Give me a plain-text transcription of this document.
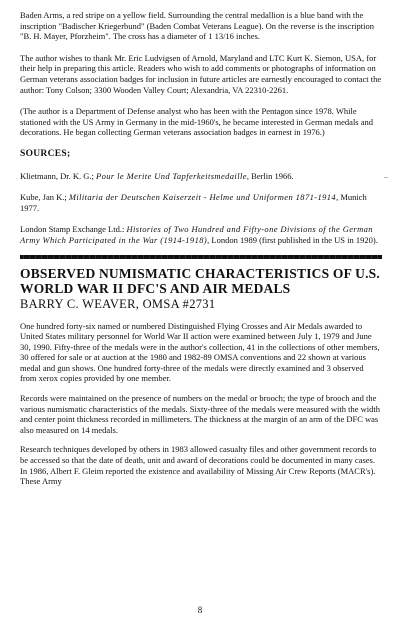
Baden Arms, a red stripe on a yellow field. Surrounding the central medallion is a blue band with the inscription "Badischer Kriegerbund" (Baden Combat Veterans League). On the reverse is the inscription "B. H. Mayer, Pforzheim". The cross has a diameter of 1 13/16 inches.

The author wishes to thank Mr. Eric Ludvigsen of Arnold, Maryland and LTC Kurt K. Siemon, USA, for their help in preparing this article. Readers who wish to add comments or photographs of information on German veterans association badges for inclusion in future articles are earnestly encouraged to contact the author: Tony Colson; 3300 Wooden Valley Court; Alexandria, VA 22310-2261.

(The author is a Department of Defense analyst who has been with the Pentagon since 1978. While stationed with the US Army in Germany in the mid-1960's, he became interested in German medals and decorations. He began collecting German veterans association badges in earnest in 1976.)

SOURCES;

Klietmann, Dr. K. G.; Pour le Merite Und Tapferkeitsmedaille, Berlin 1966.

Kube, Jan K.; Militaria der Deutschen Kaiserzeit - Helme und Uniformen 1871-1914, Munich 1977.

London Stamp Exchange Ltd.: Histories of Two Hundred and Fifty-one Divisions of the German Army Which Participated in the War (1914-1918), London 1989 (first published in the US in 1920).

OBSERVED NUMISMATIC CHARACTERISTICS OF U.S. WORLD WAR II DFC'S AND AIR MEDALS

BARRY C. WEAVER, OMSA #2731

One hundred forty-six named or numbered Distinguished Flying Crosses and Air Medals awarded to United States military personnel for World War II action were examined between July 1, 1979 and June 30, 1990. Fifty-three of the medals were in the author's collection, 41 in the collections of other members, 30 offered for sale or at auction at the 1980 and 1982-89 OMSA conventions and 22 shown at various medal and gun shows. One hundred forty-three of the medals were directly examined and 3 observed from xerox copies provided by one member.

Records were maintained on the presence of numbers on the medal or brooch; the type of brooch and the various numismatic characteristics of the medals. Sixty-three of the medals were measured with the width and center point thickness recorded in millimeters. The thickness at the margin of an arm of the DFC was also measured on 14 medals.

Research techniques developed by others in 1983 allowed casualty files and other government records to be accessed so that the date of death, unit and award of decorations could be documented in many cases. In 1986, Albert F. Gleim reported the existence and availability of Missing Air Crew Reports (MACR's). These Army

–
8
